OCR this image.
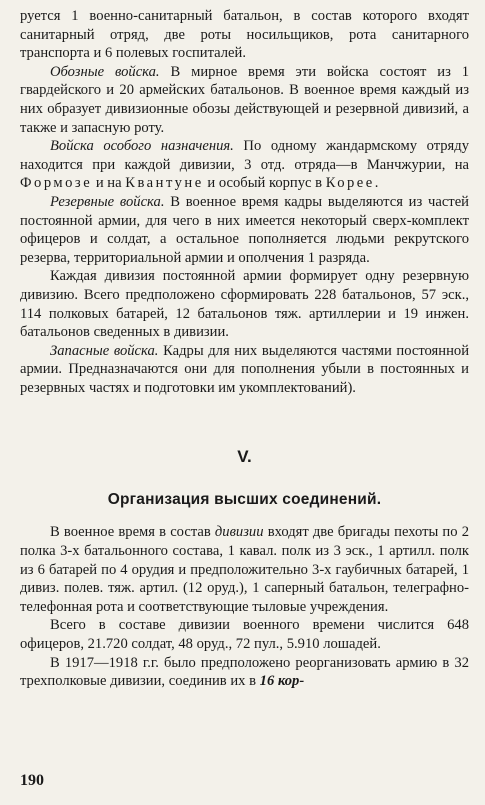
руется 1 военно-санитарный батальон, в состав которого входят санитарный отряд, две роты носильщиков, рота санитарного транспорта и 6 полевых госпиталей.

Обозные войска. В мирное время эти войска состоят из 1 гвардейского и 20 армейских батальонов. В военное время каждый из них образует дивизионные обозы действующей и резервной дивизий, а также и запасную роту.

Войска особого назначения. По одному жандармскому отряду находится при каждой дивизии, 3 отд. отряда—в Манчжурии, на Формозе и на Квантуне и особый корпус в Корее.

Резервные войска. В военное время кадры выделяются из частей постоянной армии, для чего в них имеется некоторый сверх-комплект офицеров и солдат, а остальное пополняется людьми рекрутского резерва, территориальной армии и ополчения 1 разряда.

Каждая дивизия постоянной армии формирует одну резервную дивизию. Всего предположено сформировать 228 батальонов, 57 эск., 114 полковых батарей, 12 батальонов тяж. артиллерии и 19 инжен. батальонов сведенных в дивизии.

Запасные войска. Кадры для них выделяются частями постоянной армии. Предназначаются они для пополнения убыли в постоянных и резервных частях и подготовки им укомплектований).

V.
Организация высших соединений.

В военное время в состав дивизии входят две бригады пехоты по 2 полка 3-х батальонного состава, 1 кавал. полк из 3 эск., 1 артилл. полк из 6 батарей по 4 орудия и предположительно 3-х гаубичных батарей, 1 дивиз. полев. тяж. артил. (12 оруд.), 1 саперный батальон, телеграфно-телефонная рота и соответствующие тыловые учреждения.

Всего в составе дивизии военного времени числится 648 офицеров, 21.720 солдат, 48 оруд., 72 пул., 5.910 лошадей.

В 1917—1918 г.г. было предположено реорганизовать армию в 32 трехполковые дивизии, соединив их в 16 кор-

190
